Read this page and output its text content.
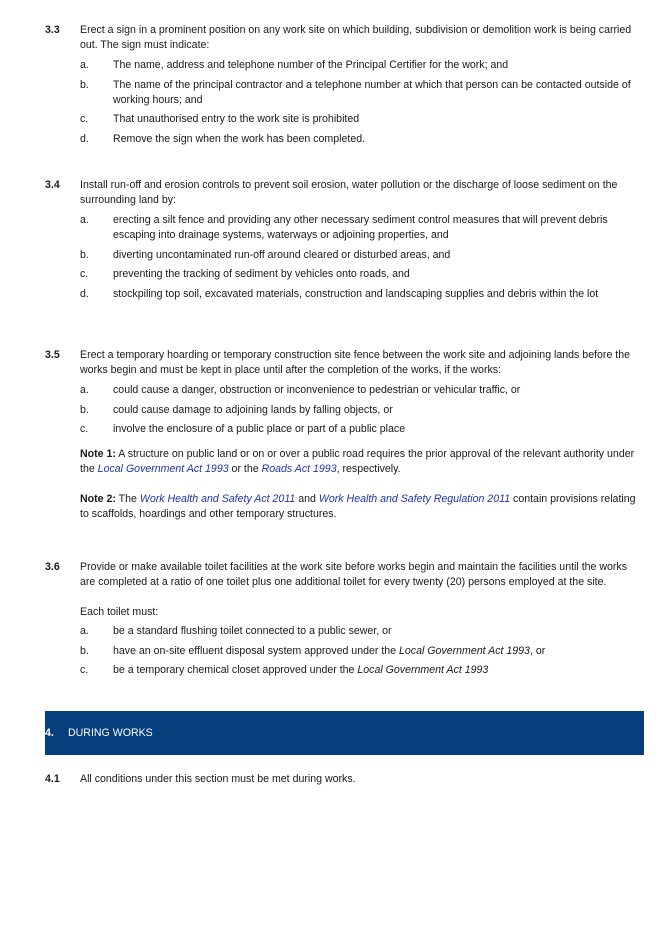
3.3 Erect a sign in a prominent position on any work site on which building, subdivision or demolition work is being carried out. The sign must indicate:

a. The name, address and telephone number of the Principal Certifier for the work; and
b. The name of the principal contractor and a telephone number at which that person can be contacted outside of working hours; and
c. That unauthorised entry to the work site is prohibited
d. Remove the sign when the work has been completed.
3.4 Install run-off and erosion controls to prevent soil erosion, water pollution or the discharge of loose sediment on the surrounding land by:

a. erecting a silt fence and providing any other necessary sediment control measures that will prevent debris escaping into drainage systems, waterways or adjoining properties, and
b. diverting uncontaminated run-off around cleared or disturbed areas, and
c. preventing the tracking of sediment by vehicles onto roads, and
d. stockpiling top soil, excavated materials, construction and landscaping supplies and debris within the lot
3.5 Erect a temporary hoarding or temporary construction site fence between the work site and adjoining lands before the works begin and must be kept in place until after the completion of the works, if the works:

a. could cause a danger, obstruction or inconvenience to pedestrian or vehicular traffic, or
b. could cause damage to adjoining lands by falling objects, or
c. involve the enclosure of a public place or part of a public place

Note 1: A structure on public land or on or over a public road requires the prior approval of the relevant authority under the Local Government Act 1993 or the Roads Act 1993, respectively.

Note 2: The Work Health and Safety Act 2011 and Work Health and Safety Regulation 2011 contain provisions relating to scaffolds, hoardings and other temporary structures.

3.6 Provide or make available toilet facilities at the work site before works begin and maintain the facilities until the works are completed at a ratio of one toilet plus one additional toilet for every twenty (20) persons employed at the site.

Each toilet must:

a. be a standard flushing toilet connected to a public sewer, or
b. have an on-site effluent disposal system approved under the Local Government Act 1993, or
c. be a temporary chemical closet approved under the Local Government Act 1993
4. DURING WORKS
4.1 All conditions under this section must be met during works.
